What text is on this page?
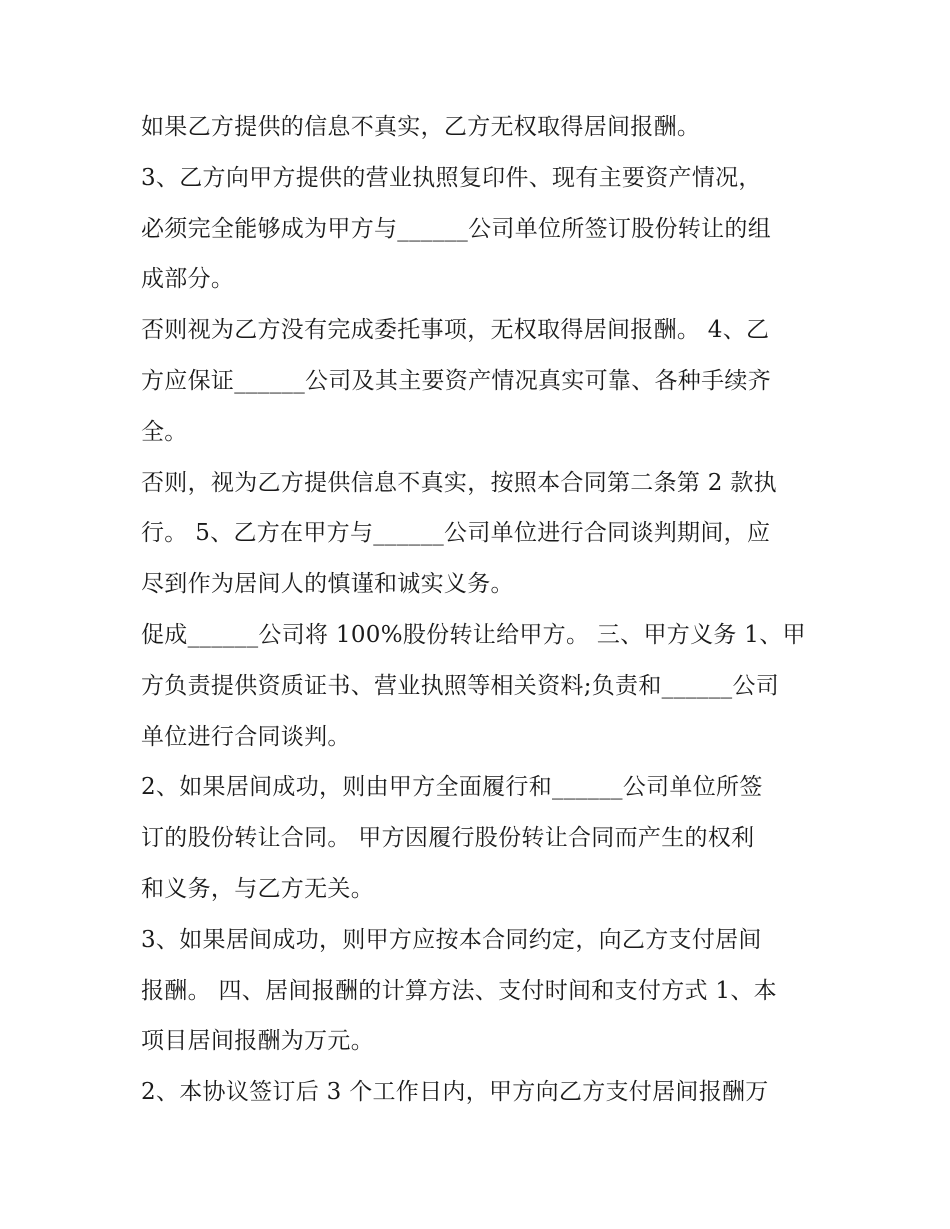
如果乙方提供的信息不真实，乙方无权取得居间报酬。
3、乙方向甲方提供的营业执照复印件、现有主要资产情况，
必须完全能够成为甲方与______公司单位所签订股份转让的组
成部分。
否则视为乙方没有完成委托事项，无权取得居间报酬。 4、乙
方应保证______公司及其主要资产情况真实可靠、各种手续齐
全。
否则，视为乙方提供信息不真实，按照本合同第二条第 2 款执
行。 5、乙方在甲方与______公司单位进行合同谈判期间，应
尽到作为居间人的慎谨和诚实义务。
促成______公司将 100%股份转让给甲方。 三、甲方义务 1、甲
方负责提供资质证书、营业执照等相关资料;负责和______公司
单位进行合同谈判。
2、如果居间成功，则由甲方全面履行和______公司单位所签
订的股份转让合同。 甲方因履行股份转让合同而产生的权利
和义务，与乙方无关。
3、如果居间成功，则甲方应按本合同约定，向乙方支付居间
报酬。 四、居间报酬的计算方法、支付时间和支付方式 1、本
项目居间报酬为万元。
2、本协议签订后 3 个工作日内，甲方向乙方支付居间报酬万
